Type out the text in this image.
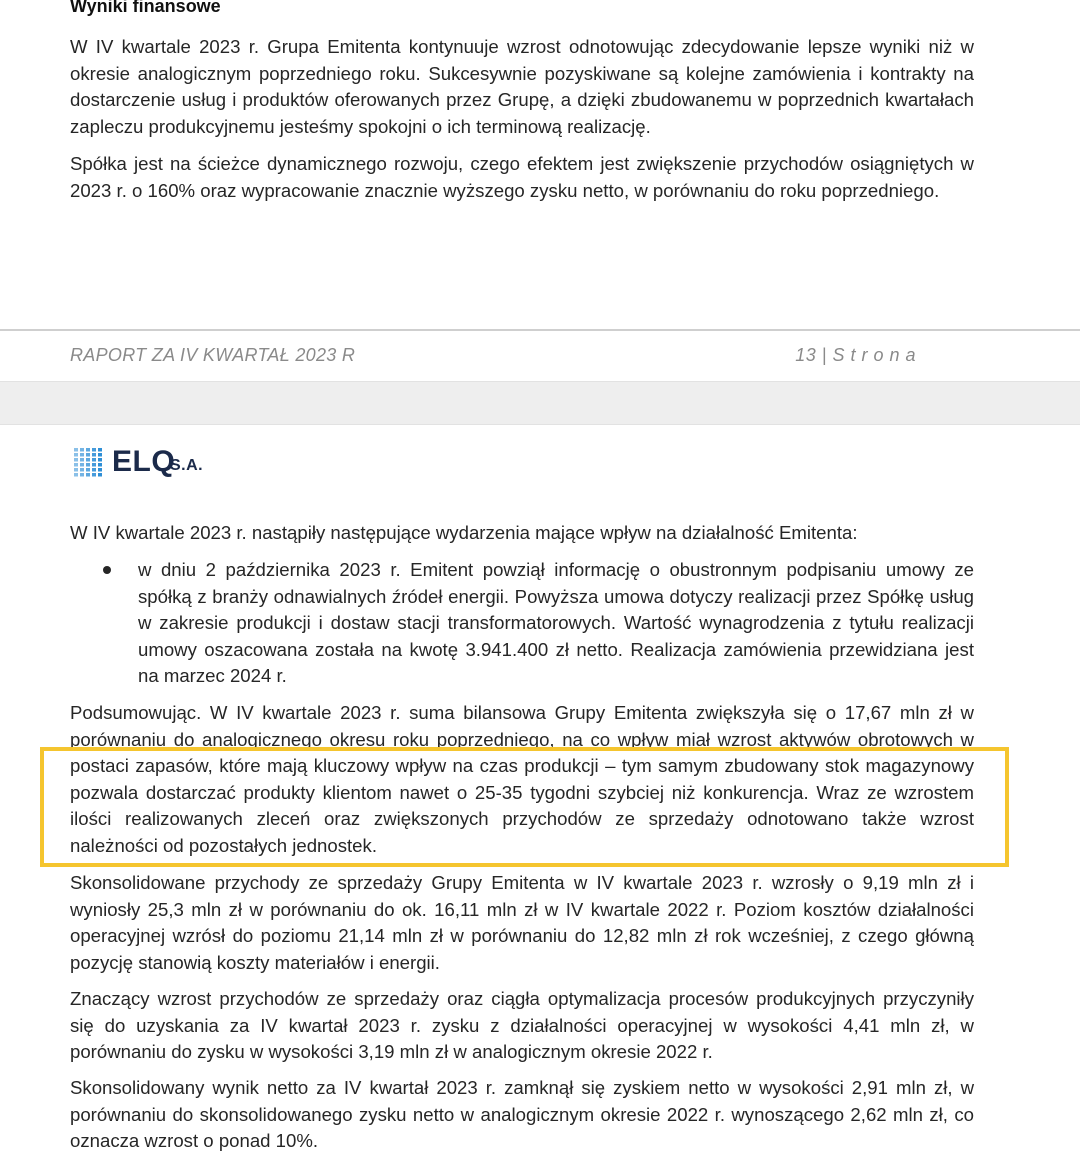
Wyniki finansowe

W IV kwartale 2023 r. Grupa Emitenta kontynuuje wzrost odnotowując zdecydowanie lepsze wyniki niż w okresie analogicznym poprzedniego roku. Sukcesywnie pozyskiwane są kolejne zamówienia i kontrakty na dostarczenie usług i produktów oferowanych przez Grupę, a dzięki zbudowanemu w poprzednich kwartałach zapleczu produkcyjnemu jesteśmy spokojni o ich terminową realizację.

Spółka jest na ścieżce dynamicznego rozwoju, czego efektem jest zwiększenie przychodów osiągniętych w 2023 r. o 160% oraz wypracowanie znacznie wyższego zysku netto, w porównaniu do roku poprzedniego.

RAPORT ZA IV KWARTAŁ 2023 R	13 | S t r o n a
ELQ
S.A.

W IV kwartale 2023 r. nastąpiły następujące wydarzenia mające wpływ na działalność Emitenta:

w dniu 2 października 2023 r. Emitent powziął informację o obustronnym podpisaniu umowy ze spółką z branży odnawialnych źródeł energii. Powyższa umowa dotyczy realizacji przez Spółkę usług w zakresie produkcji i dostaw stacji transformatorowych. Wartość wynagrodzenia z tytułu realizacji umowy oszacowana została na kwotę 3.941.400 zł netto. Realizacja zamówienia przewidziana jest na marzec 2024 r.

Podsumowując. W IV kwartale 2023 r. suma bilansowa Grupy Emitenta zwiększyła się o 17,67 mln zł w porównaniu do analogicznego okresu roku poprzedniego, na co wpływ miał wzrost aktywów obrotowych w postaci zapasów, które mają kluczowy wpływ na czas produkcji – tym samym zbudowany stok magazynowy pozwala dostarczać produkty klientom nawet o 25-35 tygodni szybciej niż konkurencja. Wraz ze wzrostem ilości realizowanych zleceń oraz zwiększonych przychodów ze sprzedaży odnotowano także wzrost należności od pozostałych jednostek.

Skonsolidowane przychody ze sprzedaży Grupy Emitenta w IV kwartale 2023 r. wzrosły o 9,19 mln zł i wyniosły 25,3 mln zł w porównaniu do ok. 16,11 mln zł w IV kwartale 2022 r. Poziom kosztów działalności operacyjnej wzrósł do poziomu 21,14 mln zł w porównaniu do 12,82 mln zł rok wcześniej, z czego główną pozycję stanowią koszty materiałów i energii.

Znaczący wzrost przychodów ze sprzedaży oraz ciągła optymalizacja procesów produkcyjnych przyczyniły się do uzyskania za IV kwartał 2023 r. zysku z działalności operacyjnej w wysokości 4,41 mln zł, w porównaniu do zysku w wysokości 3,19 mln zł w analogicznym okresie 2022 r.

Skonsolidowany wynik netto za IV kwartał 2023 r. zamknął się zyskiem netto w wysokości 2,91 mln zł, w porównaniu do skonsolidowanego zysku netto w analogicznym okresie 2022 r. wynoszącego 2,62 mln zł, co oznacza wzrost o ponad 10%.
